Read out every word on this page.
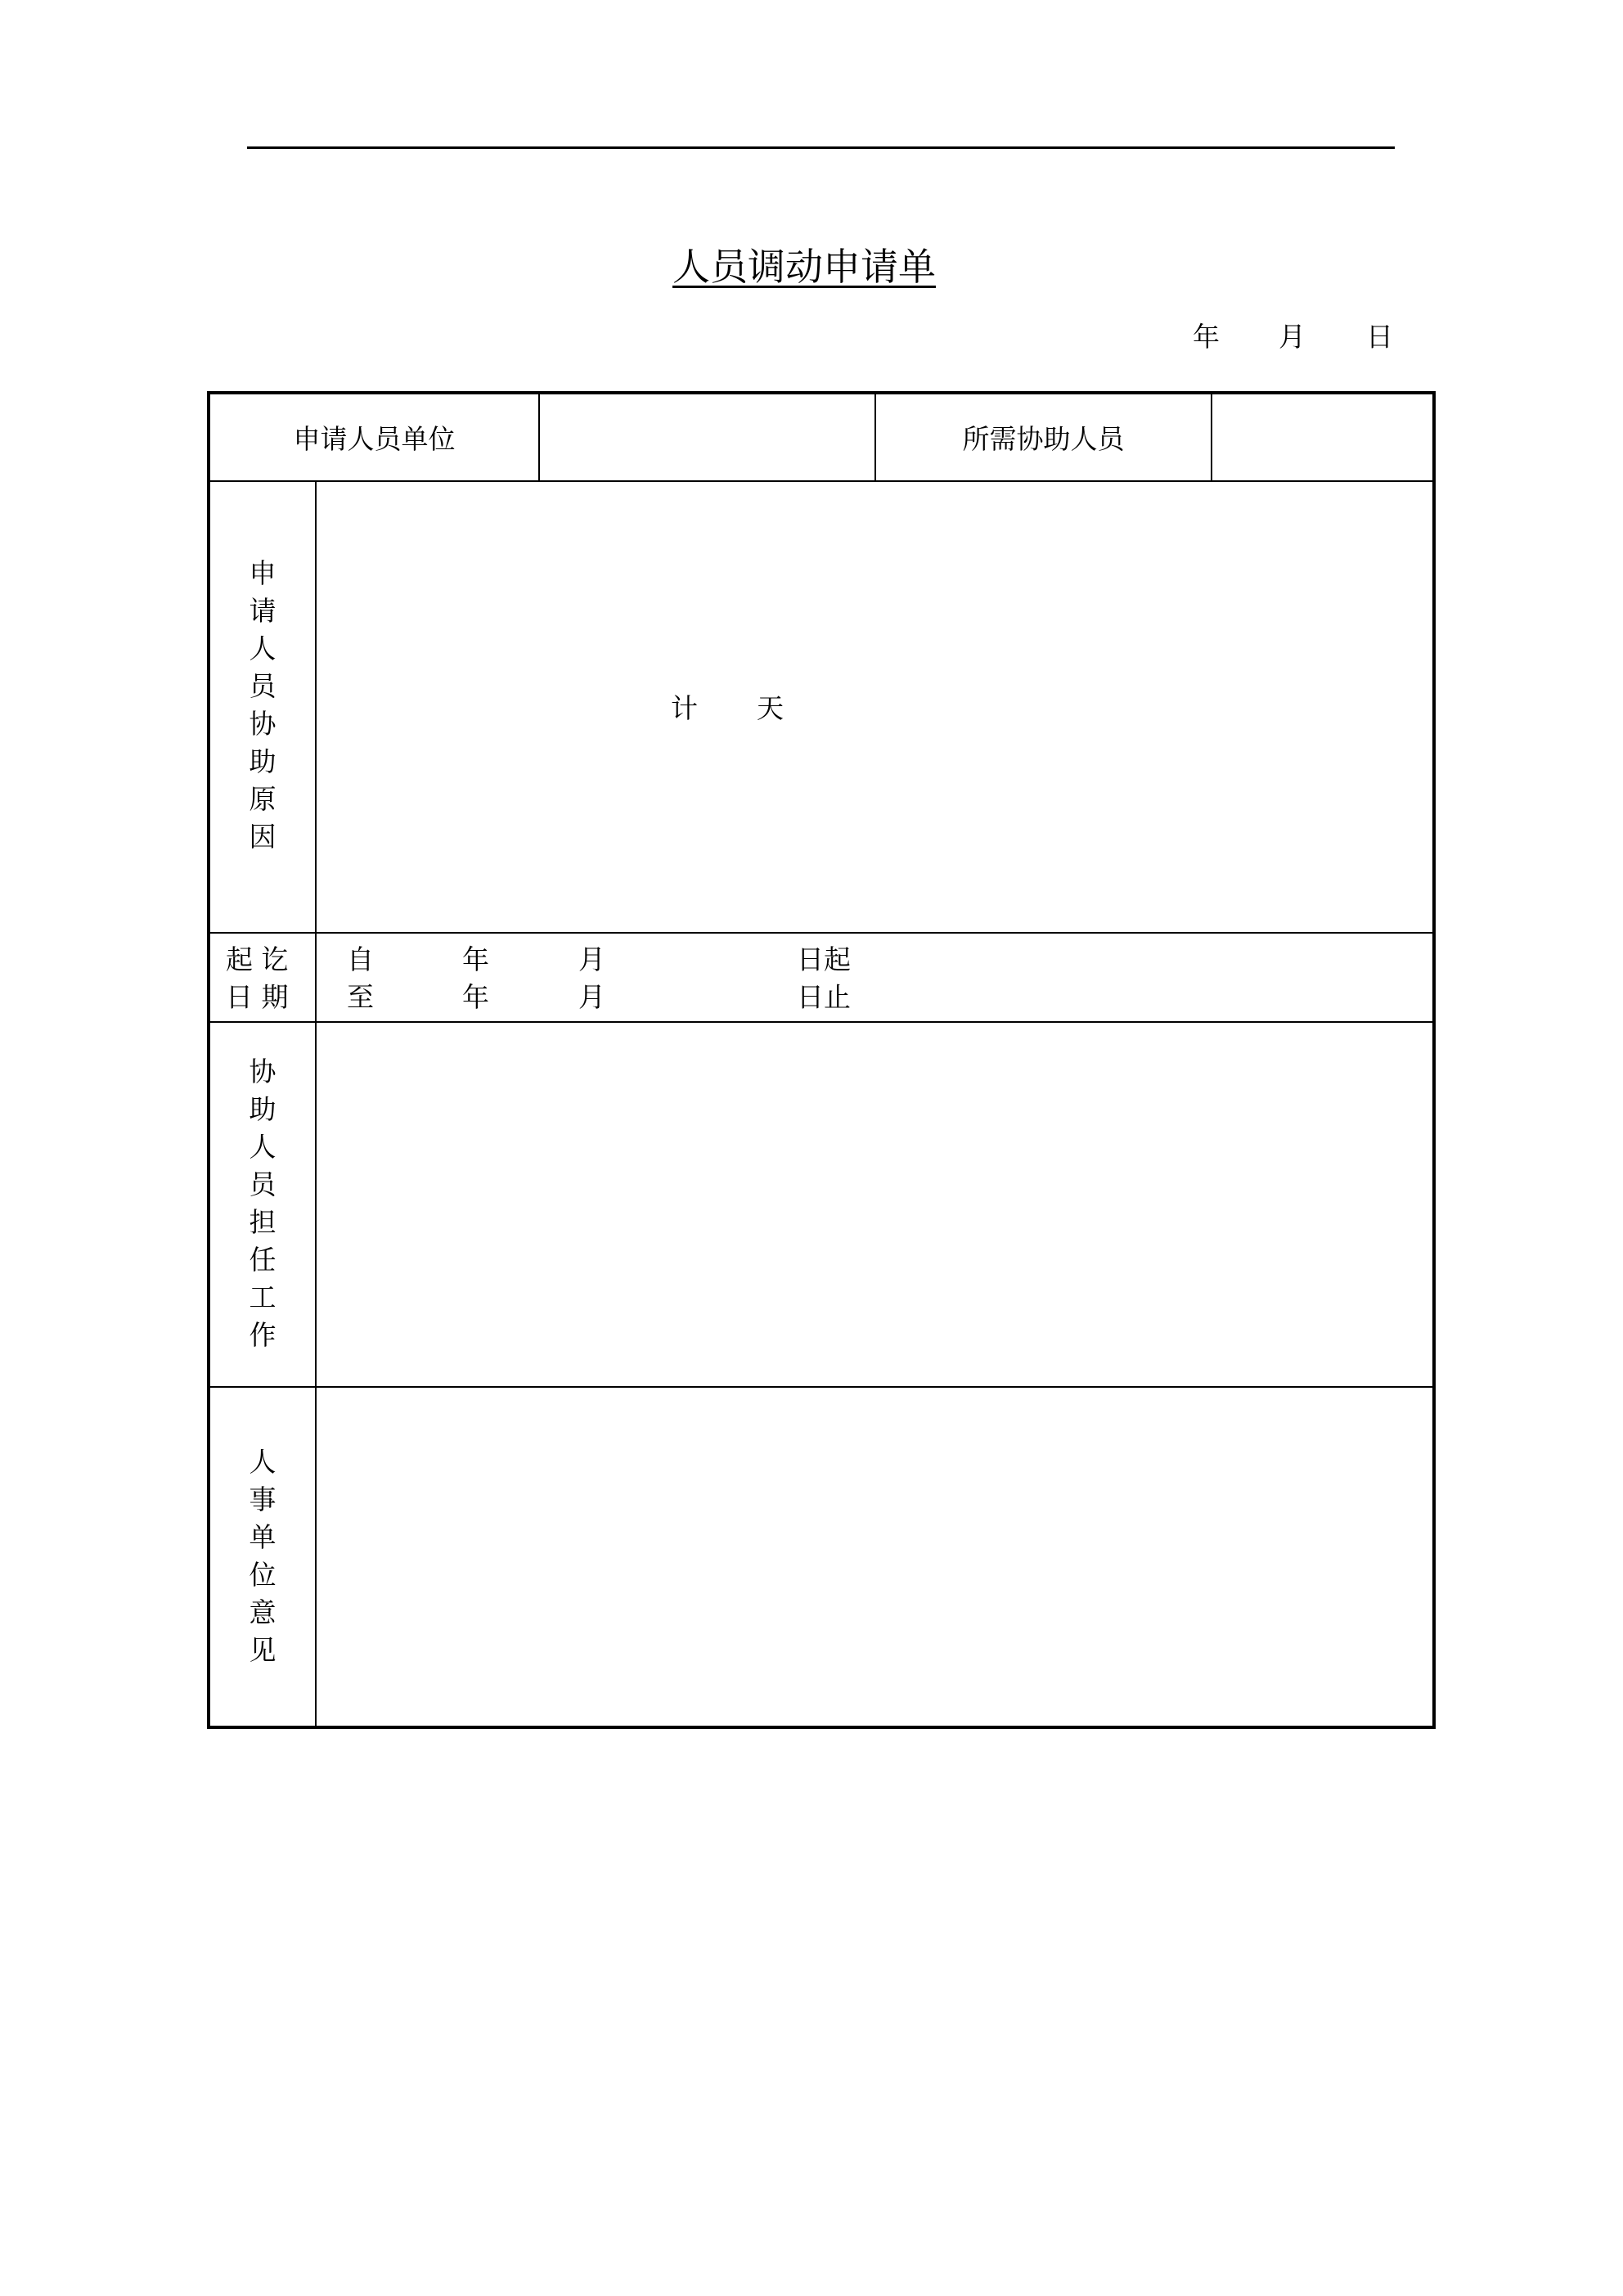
人员调动申请单
年 月 日
申请人员单位	所需协助人员
申请人员协助原因
计 天
起 讫
日 期
自	年	月	日起
至	年	月	日止
协助人员担任工作
人事单位意见
